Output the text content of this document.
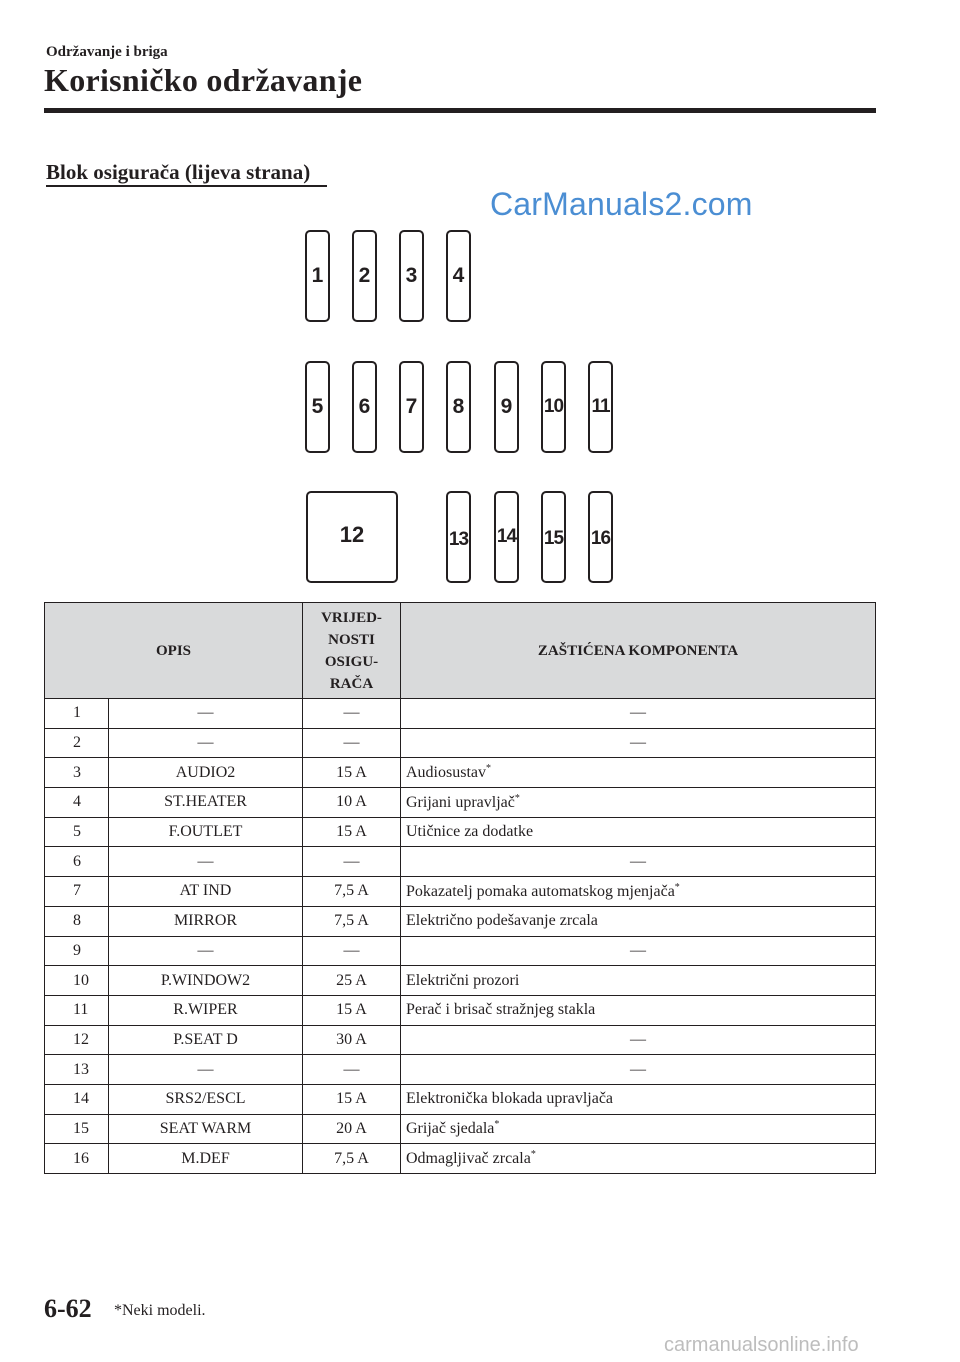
Održavanje i briga
Korisničko održavanje
Blok osigurača (lijeva strana)
CarManuals2.com
1	2	3	4
5	6	7	8	9	10 11
12	13 14 15 16
OPIS		VRIJED-
NOSTI
OSIGU-
RAČA	ZAŠTIĆENA KOMPONENTA
1	—	—	—
2	—	—	—
3	AUDIO2	15 A	Audiosustav*
4	ST.HEATER	10 A	Grijani upravljač*
5	F.OUTLET	15 A	Utičnice za dodatke
6	—	—	—
7	AT IND	7,5 A	Pokazatelj pomaka automatskog mjenjača*
8	MIRROR	7,5 A	Električno podešavanje zrcala
9	—	—	—
10	P.WINDOW2	25 A	Električni prozori
11	R.WIPER	15 A	Perač i brisač stražnjeg stakla
12	P.SEAT D	30 A	—
13	—	—	—
14	SRS2/ESCL	15 A	Elektronička blokada upravljača
15	SEAT WARM	20 A	Grijač sjedala*
16	M.DEF	7,5 A	Odmagljivač zrcala*
6-62 *Neki modeli.
carmanualsonline.info
